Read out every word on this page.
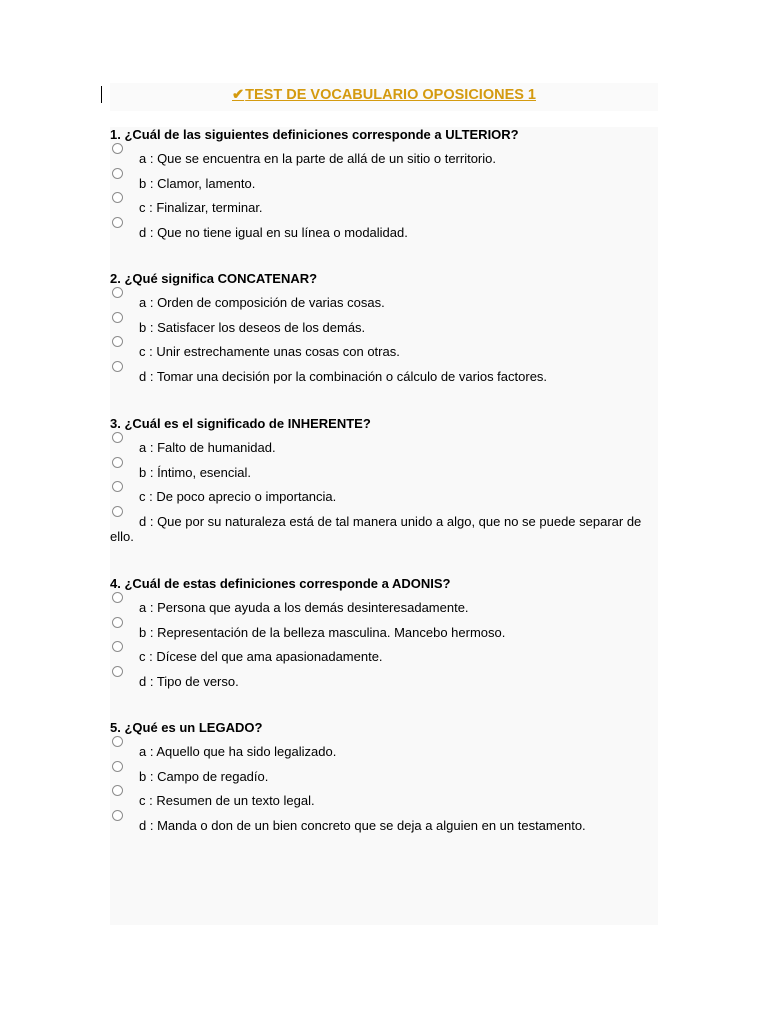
✔TEST DE VOCABULARIO OPOSICIONES 1

1. ¿Cuál de las siguientes definiciones corresponde a ULTERIOR?

a : Que se encuentra en la parte de allá de un sitio o territorio.
b : Clamor, lamento.
c : Finalizar, terminar.
d : Que no tiene igual en su línea o modalidad.

2. ¿Qué significa CONCATENAR?

a : Orden de composición de varias cosas.
b : Satisfacer los deseos de los demás.
c : Unir estrechamente unas cosas con otras.
d : Tomar una decisión por la combinación o cálculo de varios factores.

3. ¿Cuál es el significado de INHERENTE?

a : Falto de humanidad.
b : Íntimo, esencial.
c : De poco aprecio o importancia.
d : Que por su naturaleza está de tal manera unido a algo, que no se puede separar de ello.

4. ¿Cuál de estas definiciones corresponde a ADONIS?

a : Persona que ayuda a los demás desinteresadamente.
b : Representación de la belleza masculina. Mancebo hermoso.
c : Dícese del que ama apasionadamente.
d : Tipo de verso.

5. ¿Qué es un LEGADO?

a : Aquello que ha sido legalizado.
b : Campo de regadío.
c : Resumen de un texto legal.
d : Manda o don de un bien concreto que se deja a alguien en un testamento.
